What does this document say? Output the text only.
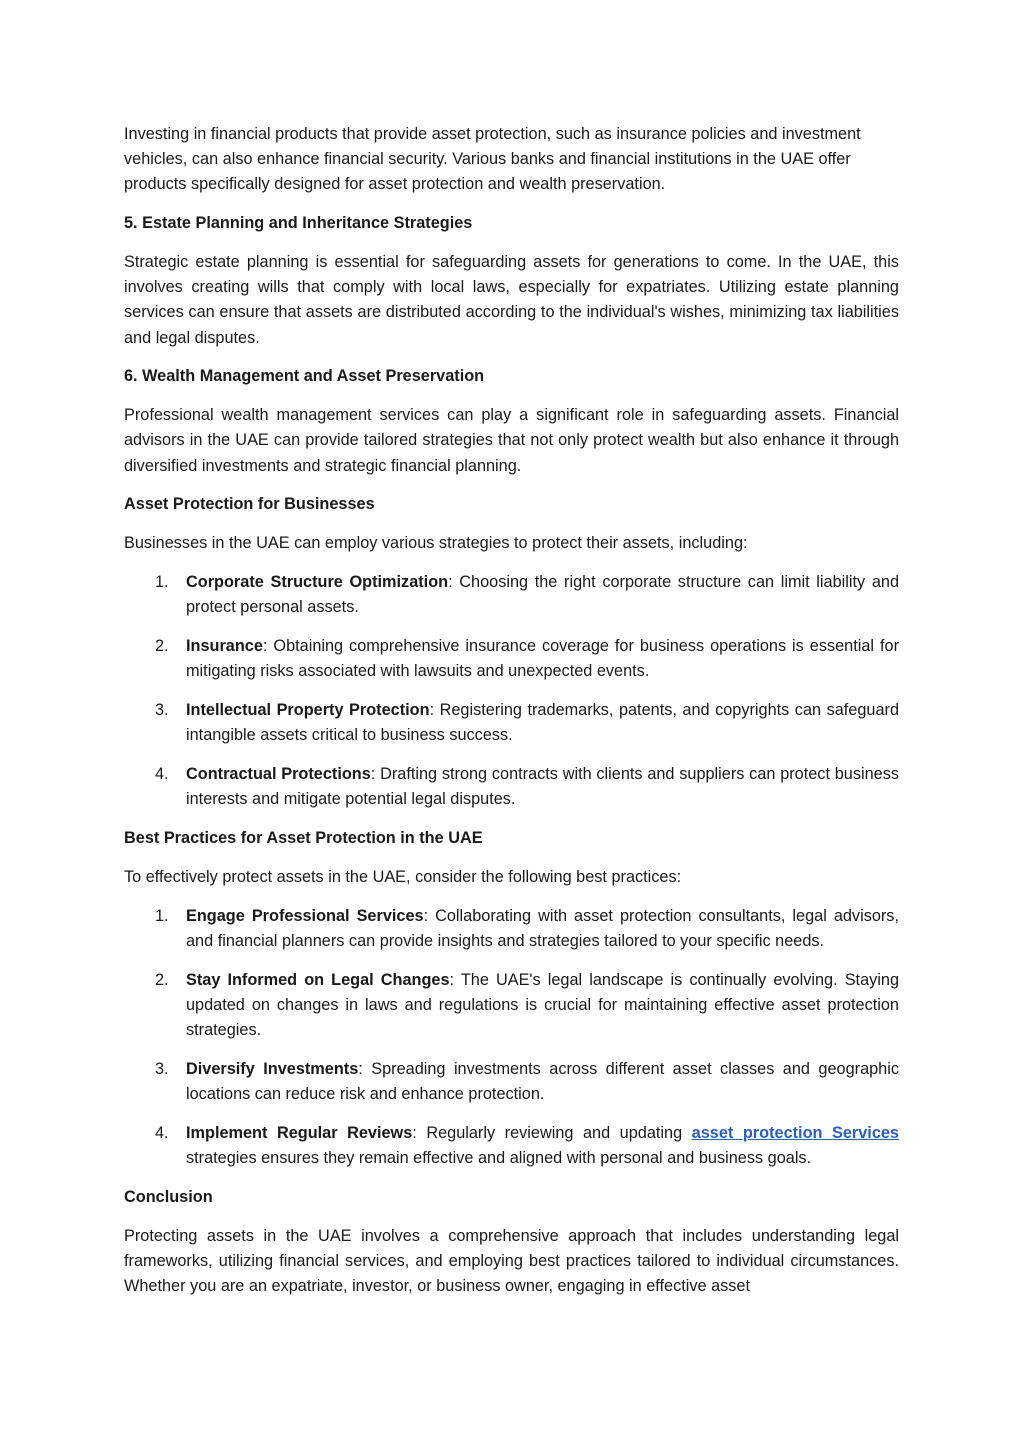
Investing in financial products that provide asset protection, such as insurance policies and investment vehicles, can also enhance financial security. Various banks and financial institutions in the UAE offer products specifically designed for asset protection and wealth preservation.

5. Estate Planning and Inheritance Strategies

Strategic estate planning is essential for safeguarding assets for generations to come. In the UAE, this involves creating wills that comply with local laws, especially for expatriates. Utilizing estate planning services can ensure that assets are distributed according to the individual's wishes, minimizing tax liabilities and legal disputes.

6. Wealth Management and Asset Preservation

Professional wealth management services can play a significant role in safeguarding assets. Financial advisors in the UAE can provide tailored strategies that not only protect wealth but also enhance it through diversified investments and strategic financial planning.

Asset Protection for Businesses

Businesses in the UAE can employ various strategies to protect their assets, including:

1. Corporate Structure Optimization: Choosing the right corporate structure can limit liability and protect personal assets.
2. Insurance: Obtaining comprehensive insurance coverage for business operations is essential for mitigating risks associated with lawsuits and unexpected events.
3. Intellectual Property Protection: Registering trademarks, patents, and copyrights can safeguard intangible assets critical to business success.
4. Contractual Protections: Drafting strong contracts with clients and suppliers can protect business interests and mitigate potential legal disputes.
Best Practices for Asset Protection in the UAE

To effectively protect assets in the UAE, consider the following best practices:

1. Engage Professional Services: Collaborating with asset protection consultants, legal advisors, and financial planners can provide insights and strategies tailored to your specific needs.
2. Stay Informed on Legal Changes: The UAE's legal landscape is continually evolving. Staying updated on changes in laws and regulations is crucial for maintaining effective asset protection strategies.
3. Diversify Investments: Spreading investments across different asset classes and geographic locations can reduce risk and enhance protection.
4. Implement Regular Reviews: Regularly reviewing and updating asset protection Services strategies ensures they remain effective and aligned with personal and business goals.
Conclusion

Protecting assets in the UAE involves a comprehensive approach that includes understanding legal frameworks, utilizing financial services, and employing best practices tailored to individual circumstances. Whether you are an expatriate, investor, or business owner, engaging in effective asset
